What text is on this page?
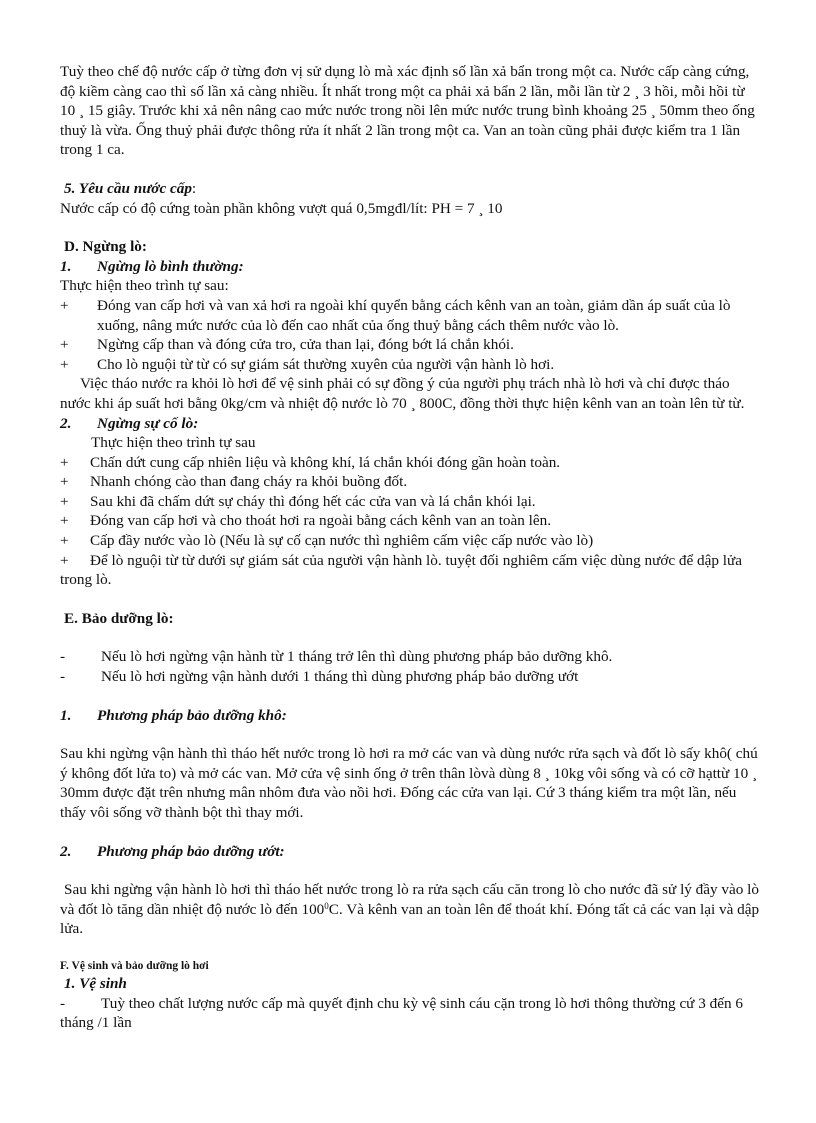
Tuỳ theo chế độ nước cấp ở từng đơn vị sử dụng lò mà xác định số lần xả bẩn trong một ca. Nước cấp càng cứng, độ kiềm càng cao thì số lần xả càng nhiều. Ít nhất trong một ca phải xả bẩn 2 lần, mỗi lần từ 2 ¸ 3 hồi, mỗi hồi từ 10 ¸ 15 giây. Trước khi xả nên nâng cao mức nước trong nồi lên mức nước trung bình khoảng 25 ¸ 50mm theo ống thuỷ là vừa. Ống thuỷ phải được thông rửa ít nhất 2 lần trong một ca. Van an toàn cũng phải được kiểm tra 1 lần trong 1 ca.

5. Yêu cầu nước cấp:

Nước cấp có độ cứng toàn phần không vượt quá 0,5mgđl/lít: PH = 7 ¸ 10

D. Ngừng lò:

1.	Ngừng lò bình thường:

Thực hiện theo trình tự sau:

+	Đóng van cấp hơi và van xả hơi ra ngoài khí quyển bằng cách kênh van an toàn, giảm dần áp suất của lò xuống, nâng mức nước của lò đến cao nhất của ống thuỷ bằng cách thêm nước vào lò.
+	Ngừng cấp than và đóng cửa tro, cửa than lại, đóng bớt lá chắn khói.
+	Cho lò nguội từ từ có sự giám sát thường xuyên của người vận hành lò hơi.

Việc tháo nước ra khỏi lò hơi để vệ sinh phải có sự đồng ý của người phụ trách nhà lò hơi và chỉ được tháo nước khi áp suất hơi bằng 0kg/cm và nhiệt độ nước lò 70 ¸ 800C, đồng thời thực hiện kênh van an toàn lên từ từ.

2.	Ngừng sự cố lò:

Thực hiện theo trình tự sau

+	Chấn dứt cung cấp nhiên liệu và không khí, lá chắn khói đóng gần hoàn toàn.
+	Nhanh chóng cào than đang cháy ra khỏi buồng đốt.
+	Sau khi đã chấm dứt sự cháy thì đóng hết các cửa van và lá chắn khói lại.
+	Đóng van cấp hơi và cho thoát hơi ra ngoài bằng cách kênh van an toàn lên.
+	Cấp đầy nước vào lò (Nếu là sự cố cạn nước thì nghiêm cấm việc cấp nước vào lò)

+ Để lò nguội từ từ dưới sự giám sát của người vận hành lò. tuyệt đối nghiêm cấm việc dùng nước để dập lửa trong lò.

E. Bảo dưỡng lò:

-	Nếu lò hơi ngừng vận hành từ 1 tháng trở lên thì dùng phương pháp bảo dưỡng khô.
-	Nếu lò hơi ngừng vận hành dưới 1 tháng thì dùng phương pháp bảo dưỡng ướt
1.	Phương pháp bảo dưỡng khô:

Sau khi ngừng vận hành thì tháo hết nước trong lò hơi ra mở các van và dùng nước rửa sạch và đốt lò sấy khô( chú ý không đốt lửa to) và mở các van. Mở cửa vệ sinh ống ở trên thân lòvà dùng 8 ¸ 10kg vôi sống và có cỡ hạttừ 10 ¸ 30mm được đặt trên nhưng mân nhôm đưa vào nồi hơi. Đống các cửa van lại. Cứ 3 tháng kiểm tra một lần, nếu thấy vôi sống vỡ thành bột thì thay mới.

2.	Phương pháp bảo dưỡng ướt:

Sau khi ngừng vận hành lò hơi thì tháo hết nước trong lò ra rửa sạch cấu căn trong lò cho nước đã sử lý đầy vào lò và đốt lò tăng dần nhiệt độ nước lò đến $100^0C$. Và kênh van an toàn lên để thoát khí. Đóng tất cả các van lại và dập lửa.

F. Vệ sinh và bảo dưỡng lò hơi

1. Vệ sinh

- Tuỳ theo chất lượng nước cấp mà quyết định chu kỳ vệ sinh cáu cặn trong lò hơi thông thường cứ 3 đến 6 tháng /1 lần
